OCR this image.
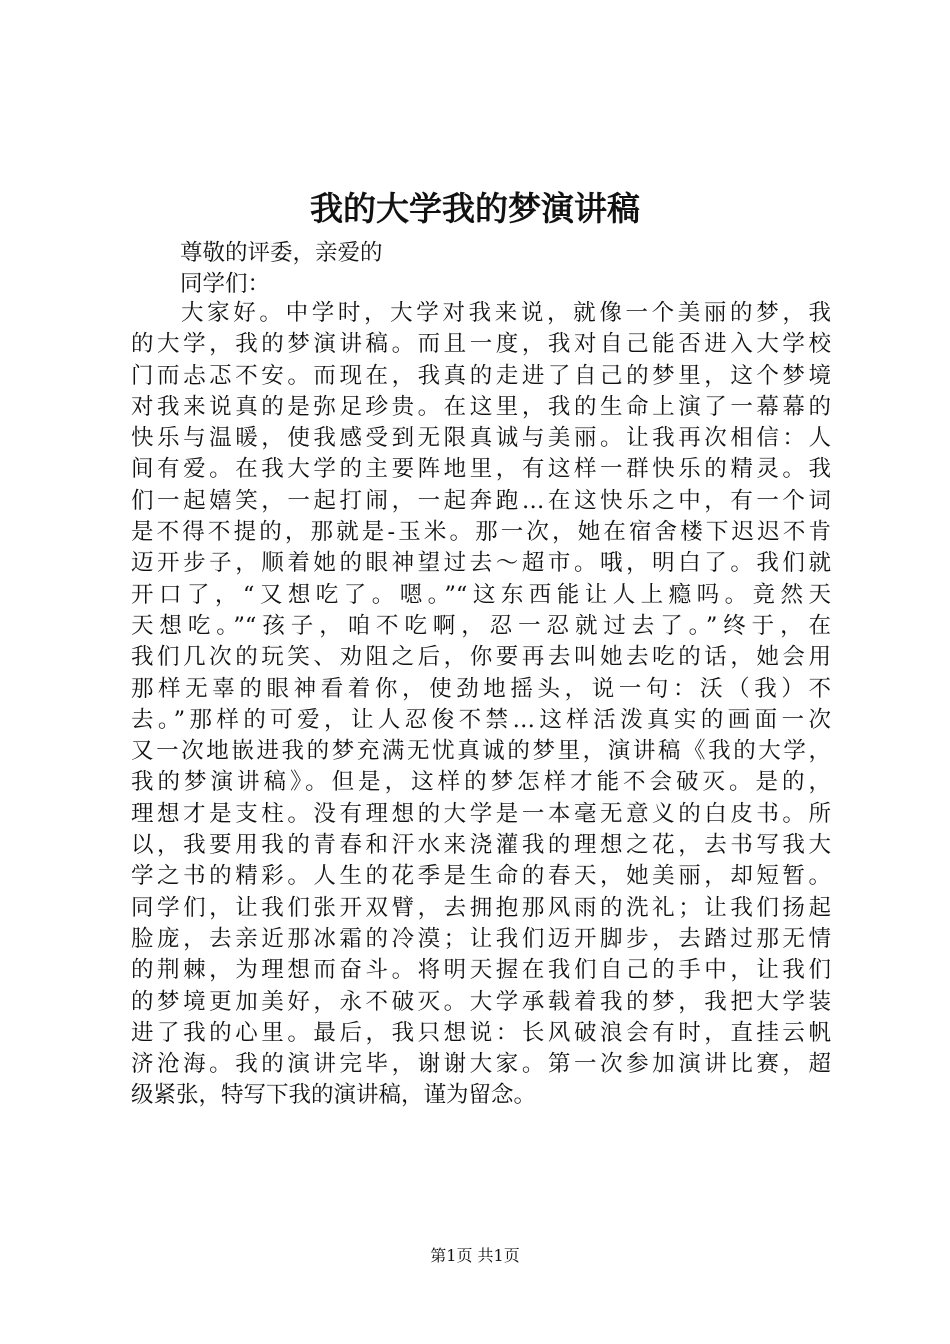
我的大学我的梦演讲稿

尊敬的评委，亲爱的

同学们：

大家好。中学时，大学对我来说，就像一个美丽的梦，我
的大学，我的梦演讲稿。而且一度，我对自己能否进入大学校
门而忐忑不安。而现在，我真的走进了自己的梦里，这个梦境
对我来说真的是弥足珍贵。在这里，我的生命上演了一幕幕的
快乐与温暖，使我感受到无限真诚与美丽。让我再次相信：人
间有爱。在我大学的主要阵地里，有这样一群快乐的精灵。我
们一起嬉笑，一起打闹，一起奔跑…在这快乐之中，有一个词
是不得不提的，那就是-玉米。那一次，她在宿舍楼下迟迟不肯
迈开步子，顺着她的眼神望过去～超市。哦，明白了。我们就
开口了，“又想吃了。嗯。”“这东西能让人上瘾吗。竟然天
天想吃。”“孩子，咱不吃啊，忍一忍就过去了。”终于，在
我们几次的玩笑、劝阻之后，你要再去叫她去吃的话，她会用
那样无辜的眼神看着你，使劲地摇头，说一句：沃（我）不
去。”那样的可爱，让人忍俊不禁…这样活泼真实的画面一次
又一次地嵌进我的梦充满无忧真诚的梦里，演讲稿《我的大学，
我的梦演讲稿》。但是，这样的梦怎样才能不会破灭。是的，
理想才是支柱。没有理想的大学是一本毫无意义的白皮书。所
以，我要用我的青春和汗水来浇灌我的理想之花，去书写我大
学之书的精彩。人生的花季是生命的春天，她美丽，却短暂。
同学们，让我们张开双臂，去拥抱那风雨的洗礼；让我们扬起
脸庞，去亲近那冰霜的冷漠；让我们迈开脚步，去踏过那无情
的荆棘，为理想而奋斗。将明天握在我们自己的手中，让我们
的梦境更加美好，永不破灭。大学承载着我的梦，我把大学装
进了我的心里。最后，我只想说：长风破浪会有时，直挂云帆
济沧海。我的演讲完毕，谢谢大家。第一次参加演讲比赛，超
级紧张，特写下我的演讲稿，谨为留念。

第1页 共1页
